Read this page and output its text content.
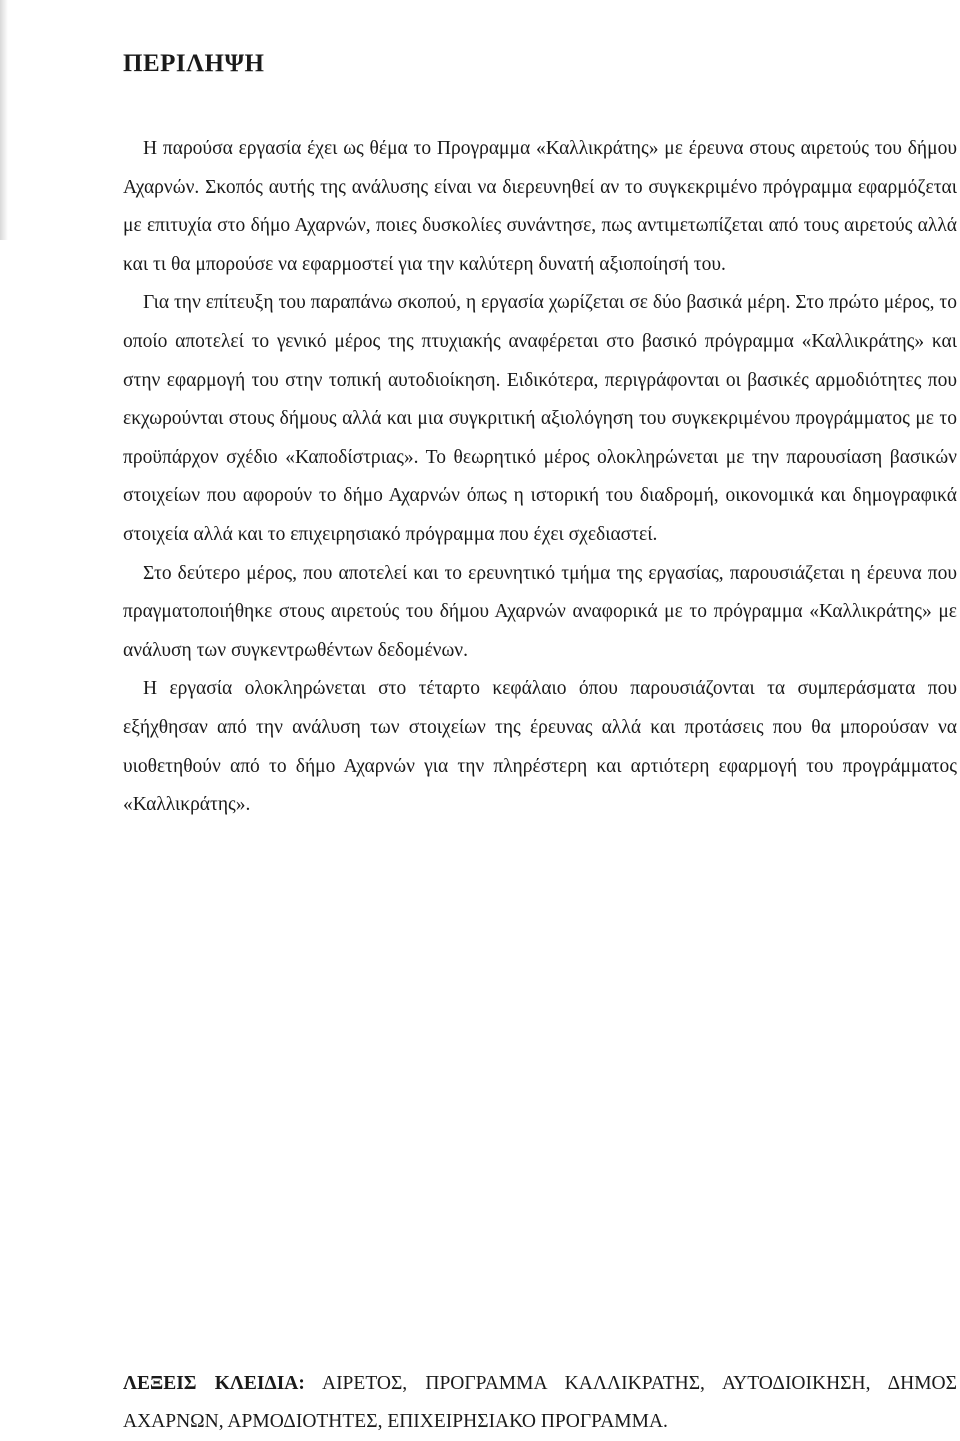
ΠΕΡΙΛΗΨΗ

Η παρούσα εργασία έχει ως θέμα το Προγραμμα «Καλλικράτης» με έρευνα στους αιρετούς του δήμου Αχαρνών. Σκοπός αυτής της ανάλυσης είναι να διερευνηθεί αν το συγκεκριμένο πρόγραμμα εφαρμόζεται με επιτυχία στο δήμο Αχαρνών, ποιες δυσκολίες συνάντησε, πως αντιμετωπίζεται από τους αιρετούς αλλά και τι θα μπορούσε να εφαρμοστεί για την καλύτερη δυνατή αξιοποίησή του.

Για την επίτευξη του παραπάνω σκοπού, η εργασία χωρίζεται σε δύο βασικά μέρη. Στο πρώτο μέρος, το οποίο αποτελεί το γενικό μέρος της πτυχιακής αναφέρεται στο βασικό πρόγραμμα «Καλλικράτης» και στην εφαρμογή του στην τοπική αυτοδιοίκηση. Ειδικότερα, περιγράφονται οι βασικές αρμοδιότητες που εκχωρούνται στους δήμους αλλά και μια συγκριτική αξιολόγηση του συγκεκριμένου προγράμματος με το προϋπάρχον σχέδιο «Καποδίστριας». Το θεωρητικό μέρος ολοκληρώνεται με την παρουσίαση βασικών στοιχείων που αφορούν το δήμο Αχαρνών όπως η ιστορική του διαδρομή, οικονομικά και δημογραφικά στοιχεία αλλά και το επιχειρησιακό πρόγραμμα που έχει σχεδιαστεί.

Στο δεύτερο μέρος, που αποτελεί και το ερευνητικό τμήμα της εργασίας, παρουσιάζεται η έρευνα που πραγματοποιήθηκε στους αιρετούς του δήμου Αχαρνών αναφορικά με το πρόγραμμα «Καλλικράτης» με ανάλυση των συγκεντρωθέντων δεδομένων.

Η εργασία ολοκληρώνεται στο τέταρτο κεφάλαιο όπου παρουσιάζονται τα συμπεράσματα που εξήχθησαν από την ανάλυση των στοιχείων της έρευνας αλλά και προτάσεις που θα μπορούσαν να υιοθετηθούν από το δήμο Αχαρνών για την πληρέστερη και αρτιότερη εφαρμογή του προγράμματος «Καλλικράτης».

ΛΕΞΕΙΣ ΚΛΕΙΔΙΑ: ΑΙΡΕΤΟΣ, ΠΡΟΓΡΑΜΜΑ ΚΑΛΛΙΚΡΑΤΗΣ, ΑΥΤΟΔΙΟΙΚΗΣΗ, ΔΗΜΟΣ ΑΧΑΡΝΩΝ, ΑΡΜΟΔΙΟΤΗΤΕΣ, ΕΠΙΧΕΙΡΗΣΙΑΚΟ ΠΡΟΓΡΑΜΜΑ.
